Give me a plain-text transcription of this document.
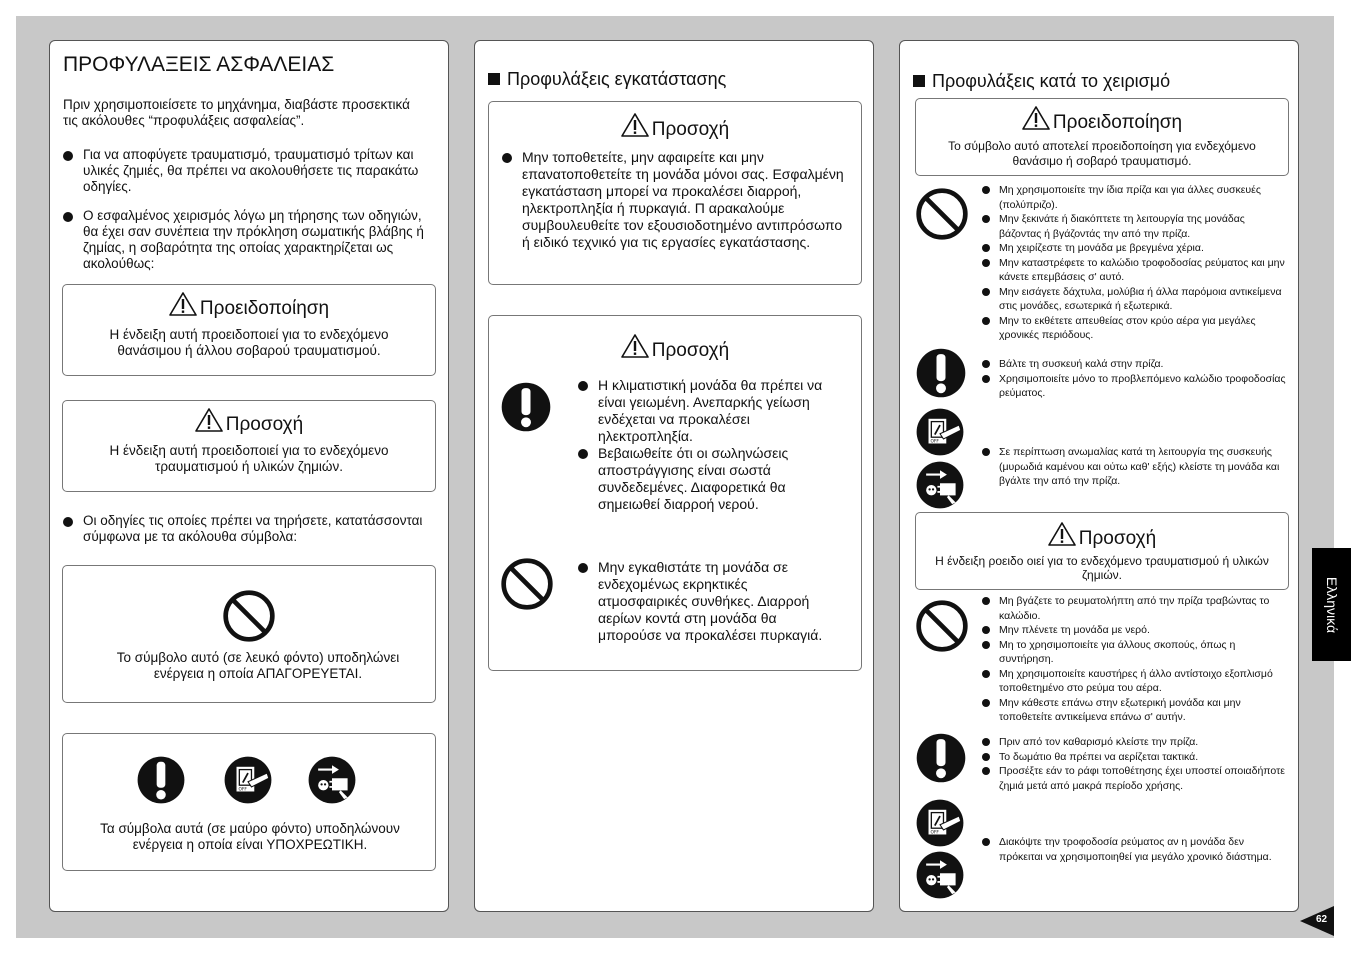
ΠΡΟΦΥΛΑΞΕΙΣ ΑΣΦΑΛΕΙΑΣ
Πριν χρησιμοποιείσετε το μηχάνημα, διαβάστε προσεκτικά τις ακόλουθες “προφυλάξεις ασφαλείας”.
Για να αποφύγετε τραυματισμό, τραυματισμό τρίτων και υλικές ζημιές, θα πρέπει να ακολουθήσετε τις παρακάτω οδηγίες.
Ο εσφαλμένος χειρισμός λόγω μη τήρησης των οδηγιών, θα έχει σαν συνέπεια την πρόκληση σωματικής βλάβης ή ζημίας, η σοβαρότητα της οποίας χαρακτηρίζεται ως ακολούθως:
Προειδοποίηση
Η ένδειξη αυτή προειδοποιεί για το ενδεχόμενο θανάσιμου ή άλλου σοβαρού τραυματισμού.
Προσοχή
Η ένδειξη αυτή προειδοποιεί για το ενδεχόμενο τραυματισμού ή υλικών ζημιών.
Οι οδηγίες τις οποίες πρέπει να τηρήσετε, κατατάσσονται σύμφωνα με τα ακόλουθα σύμβολα:
Το σύμβολο αυτό (σε λευκό φόντο) υποδηλώνει ενέργεια η οποία ΑΠΑΓΟΡΕΥΕΤΑΙ.
Τα σύμβολα αυτά (σε μαύρο φόντο) υποδηλώνουν ενέργεια η οποία είναι ΥΠΟΧΡΕΩΤΙΚΗ.
Προφυλάξεις εγκατάστασης
Προσοχή
Μην τοποθετείτε, μην αφαιρείτε και μην επανατοποθετείτε τη μονάδα μόνοι σας. Εσφαλμένη εγκατάσταση μπορεί να προκαλέσει διαρροή, ηλεκτροπληξία ή πυρκαγιά. Π αρακαλούμε συμβουλευθείτε τον εξουσιοδοτημένο αντιπρόσωπο ή ειδικό τεχνικό για τις εργασίες εγκατάστασης.
Προσοχή
Η κλιματιστική μονάδα θα πρέπει να είναι γειωμένη. Ανεπαρκής γείωση ενδέχεται να προκαλέσει ηλεκτροπληξία.
Βεβαιωθείτε ότι οι σωληνώσεις αποστράγγισης είναι σωστά συνδεδεμένες. Διαφορετικά θα σημειωθεί διαρροή νερού.
Μην εγκαθιστάτε τη μονάδα σε ενδεχομένως εκρηκτικές ατμοσφαιρικές συνθήκες. Διαρροή αερίων κοντά στη μονάδα θα μπορούσε να προκαλέσει πυρκαγιά.
Προφυλάξεις κατά το χειρισμό
Προειδοποίηση
Το σύμβολο αυτό αποτελεί προειδοποίηση για ενδεχόμενο θανάσιμο ή σοβαρό τραυματισμό.
Μη χρησιμοποιείτε την ίδια πρίζα και για άλλες συσκευές (πολύπριζο).
Μην ξεκινάτε ή διακόπτετε τη λειτουργία της μονάδας βάζοντας ή βγάζοντάς την από την πρίζα.
Μη χειρίζεστε τη μονάδα με βρεγμένα χέρια.
Μην καταστρέφετε το καλώδιο τροφοδοσίας ρεύματος και μην κάνετε επεμβάσεις σ' αυτό.
Μην εισάγετε δάχτυλα, μολύβια ή άλλα παρόμοια αντικείμενα στις μονάδες, εσωτερικά ή εξωτερικά.
Μην το εκθέτετε απευθείας στον κρύο αέρα για μεγάλες χρονικές περιόδους.
Βάλτε τη συσκευή καλά στην πρίζα.
Χρησιμοποιείτε μόνο το προβλεπόμενο καλώδιο τροφοδοσίας ρεύματος.
Σε περίπτωση ανωμαλίας κατά τη λειτουργία της συσκευής (μυρωδιά καμένου και ούτω καθ' εξής) κλείστε τη μονάδα και βγάλτε την από την πρίζα.
Προσοχή
Η ένδειξη ροειδο οιεί για το ενδεχόμενο τραυματισμού ή υλικών ζημιών.
Μη βγάζετε το ρευματολήπτη από την πρίζα τραβώντας το καλώδιο.
Μην πλένετε τη μονάδα με νερό.
Μη το χρησιμοποιείτε για άλλους σκοπούς, όπως η συντήρηση.
Μη χρησιμοποιείτε καυστήρες ή άλλο αντίστοιχο εξοπλισμό τοποθετημένο στο ρεύμα του αέρα.
Μην κάθεστε επάνω στην εξωτερική μονάδα και μην τοποθετείτε αντικείμενα επάνω σ' αυτήν.
Πριν από τον καθαρισμό κλείστε την πρίζα.
Το δωμάτιο θα πρέπει να αερίζεται τακτικά.
Προσέξτε εάν το ράφι τοποθέτησης έχει υποστεί οποιαδήποτε ζημιά μετά από μακρά περίοδο χρήσης.
Διακόψτε την τροφοδοσία ρεύματος αν η μονάδα δεν πρόκειται να χρησιμοποιηθεί για μεγάλο χρονικό διάστημα.
Ελληνικά
62
